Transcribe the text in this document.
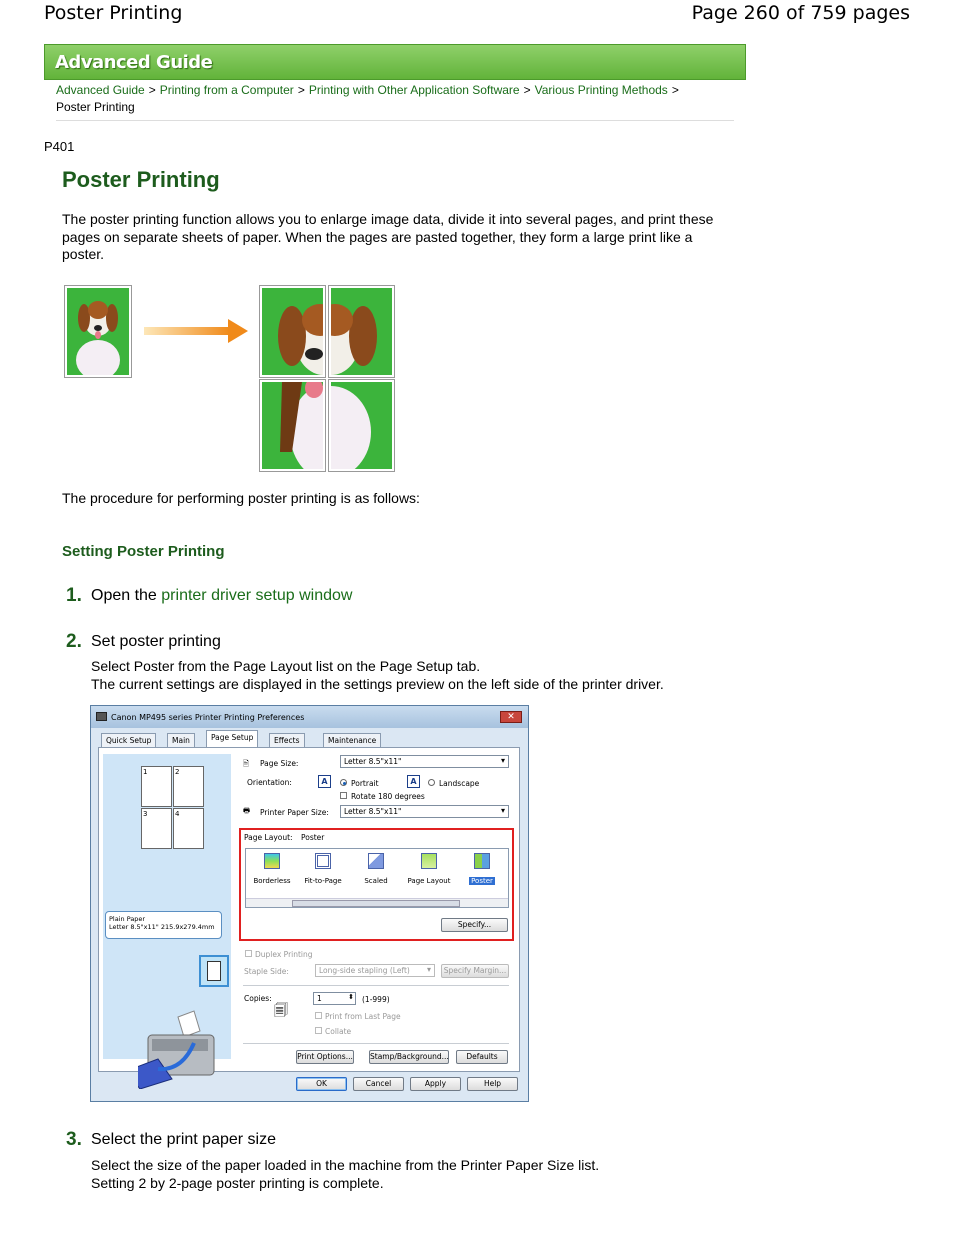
Poster Printing	Page 260 of 759 pages
Advanced Guide
Advanced Guide > Printing from a Computer > Printing with Other Application Software > Various Printing Methods >
Poster Printing
P401
Poster Printing
The poster printing function allows you to enlarge image data, divide it into several pages, and print these pages on separate sheets of paper. When the pages are pasted together, they form a large print like a poster.
The procedure for performing poster printing is as follows:
Setting Poster Printing
1. Open the printer driver setup window
2. Set poster printing
Select Poster from the Page Layout list on the Page Setup tab.
The current settings are displayed in the settings preview on the left side of the printer driver.
Canon MP495 series Printer Printing Preferences	✕
Quick Setup	Main	Page Setup	Effects	Maintenance
1	2
3	4
Plain Paper
Letter 8.5"x11" 215.9x279.4mm
🖹 Page Size:	Letter 8.5"x11" ▾
Orientation:	A	Portrait	A	Landscape
Rotate 180 degrees
🖶 Printer Paper Size:	Letter 8.5"x11" ▾
Duplex Printing
Staple Side:	Long-side stapling (Left) ▾	Specify Margin...
Copies:
🗐
(1-999)
Print from Last Page
Collate
Print Options... Stamp/Background...	Defaults
OK	Cancel	Apply	Help
Page Layout: Poster
Borderless	Fit-to-Page	Scaled	Page Layout	Poster
Specify...
1	⬍
3. Select the print paper size
Select the size of the paper loaded in the machine from the Printer Paper Size list.
Setting 2 by 2-page poster printing is complete.
